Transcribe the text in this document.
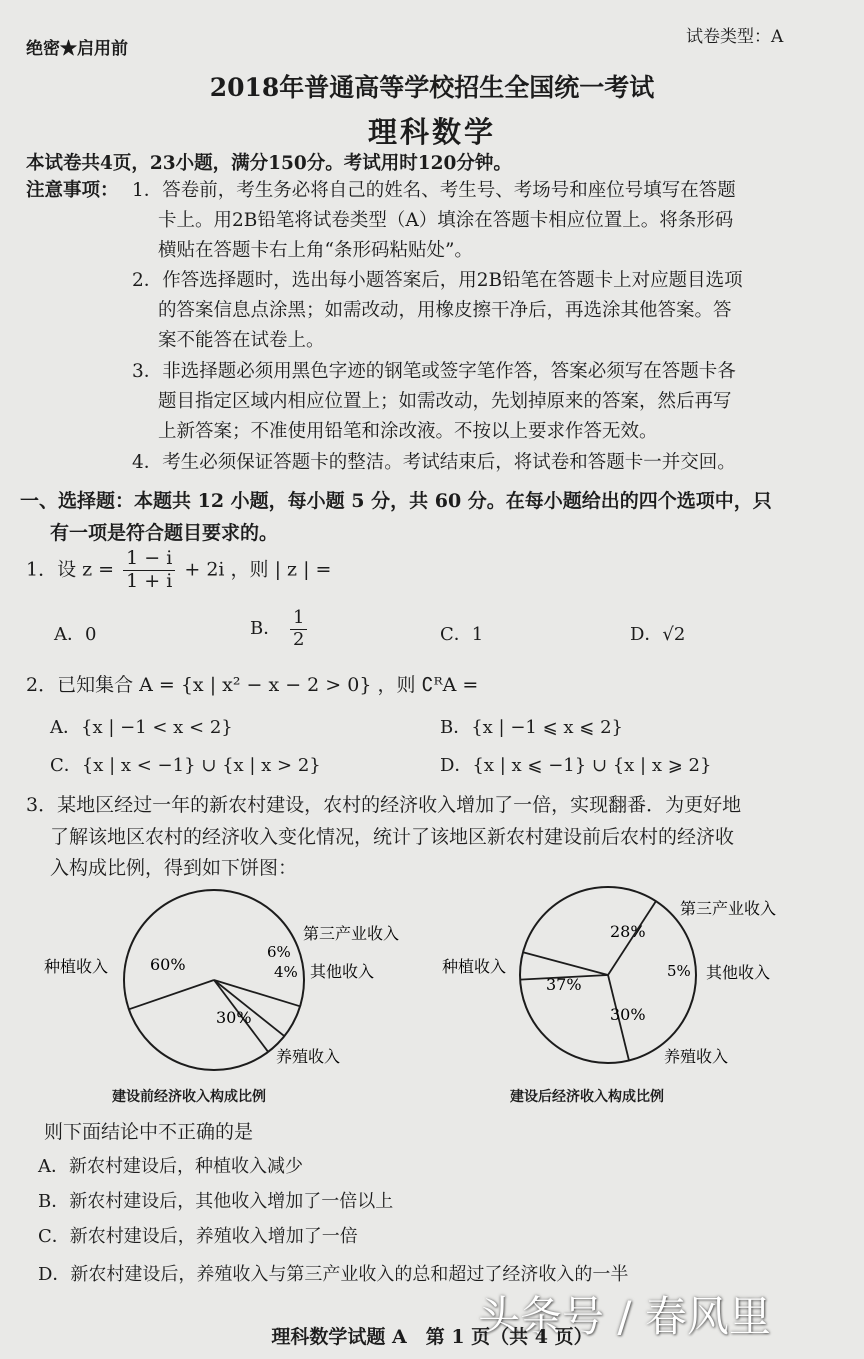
绝密★启用前
试卷类型：A
2018年普通高等学校招生全国统一考试
理科数学
本试卷共4页，23小题，满分150分。考试用时120分钟。
注意事项： 1．答卷前，考生务必将自己的姓名、考生号、考场号和座位号填写在答题
卡上。用2B铅笔将试卷类型（A）填涂在答题卡相应位置上。将条形码
横贴在答题卡右上角“条形码粘贴处”。
2．作答选择题时，选出每小题答案后，用2B铅笔在答题卡上对应题目选项
的答案信息点涂黑；如需改动，用橡皮擦干净后，再选涂其他答案。答
案不能答在试卷上。
3．非选择题必须用黑色字迹的钢笔或签字笔作答，答案必须写在答题卡各
题目指定区域内相应位置上；如需改动，先划掉原来的答案，然后再写
上新答案；不准使用铅笔和涂改液。不按以上要求作答无效。
4．考生必须保证答题卡的整洁。考试结束后，将试卷和答题卡一并交回。
一、选择题：本题共 12 小题，每小题 5 分，共 60 分。在每小题给出的四个选项中，只
有一项是符合题目要求的。
1．设 $z = \frac{1 - i}{1 + i} + 2i$ ，则 | z | =
A．0	B． $\frac{1}{2}$	C．1	D．√2
2．已知集合 A = {x | x² − x − 2 > 0} ，则 ∁ᴿA =
A．{x | −1 < x < 2}	B．{x | −1 ⩽ x ⩽ 2}
C．{x | x < −1} ∪ {x | x > 2}	D．{x | x ⩽ −1} ∪ {x | x ⩾ 2}
3．某地区经过一年的新农村建设，农村的经济收入增加了一倍，实现翻番．为更好地
了解该地区农村的经济收入变化情况，统计了该地区新农村建设前后农村的经济收
入构成比例，得到如下饼图：
种植收入	60%
第三产业收入
6%
其他收入
4%
养殖收入
30%
种植收入
37%
第三产业收入
28%
其他收入
5%
养殖收入
30%
建设前经济收入构成比例	建设后经济收入构成比例
则下面结论中不正确的是
A．新农村建设后，种植收入减少
B．新农村建设后，其他收入增加了一倍以上
C．新农村建设后，养殖收入增加了一倍
D．新农村建设后，养殖收入与第三产业收入的总和超过了经济收入的一半
头条号 / 春风里
理科数学试题 A　第 1 页（共 4 页）
